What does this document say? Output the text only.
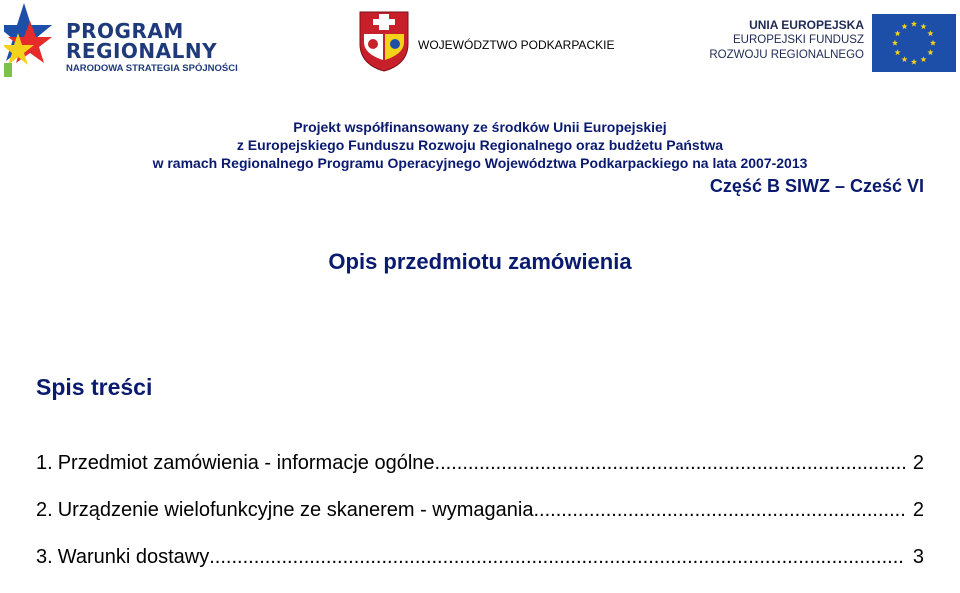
PROGRAM
REGIONALNY
NARODOWA STRATEGIA SPÓJNOŚCI
WOJEWÓDZTWO PODKARPACKIE
UNIA EUROPEJSKA
EUROPEJSKI FUNDUSZ
ROZWOJU REGIONALNEGO
Projekt współfinansowany ze środków Unii Europejskiej
z Europejskiego Funduszu Rozwoju Regionalnego oraz budżetu Państwa
w ramach Regionalnego Programu Operacyjnego Województwa Podkarpackiego na lata 2007-2013
Część B SIWZ – Cześć VI
Opis przedmiotu zamówienia
Spis treści
1. Przedmiot zamówienia - informacje ogólne .....	2
2. Urządzenie wielofunkcyjne ze skanerem - wymagania .....	2
3. Warunki dostawy .....	3
